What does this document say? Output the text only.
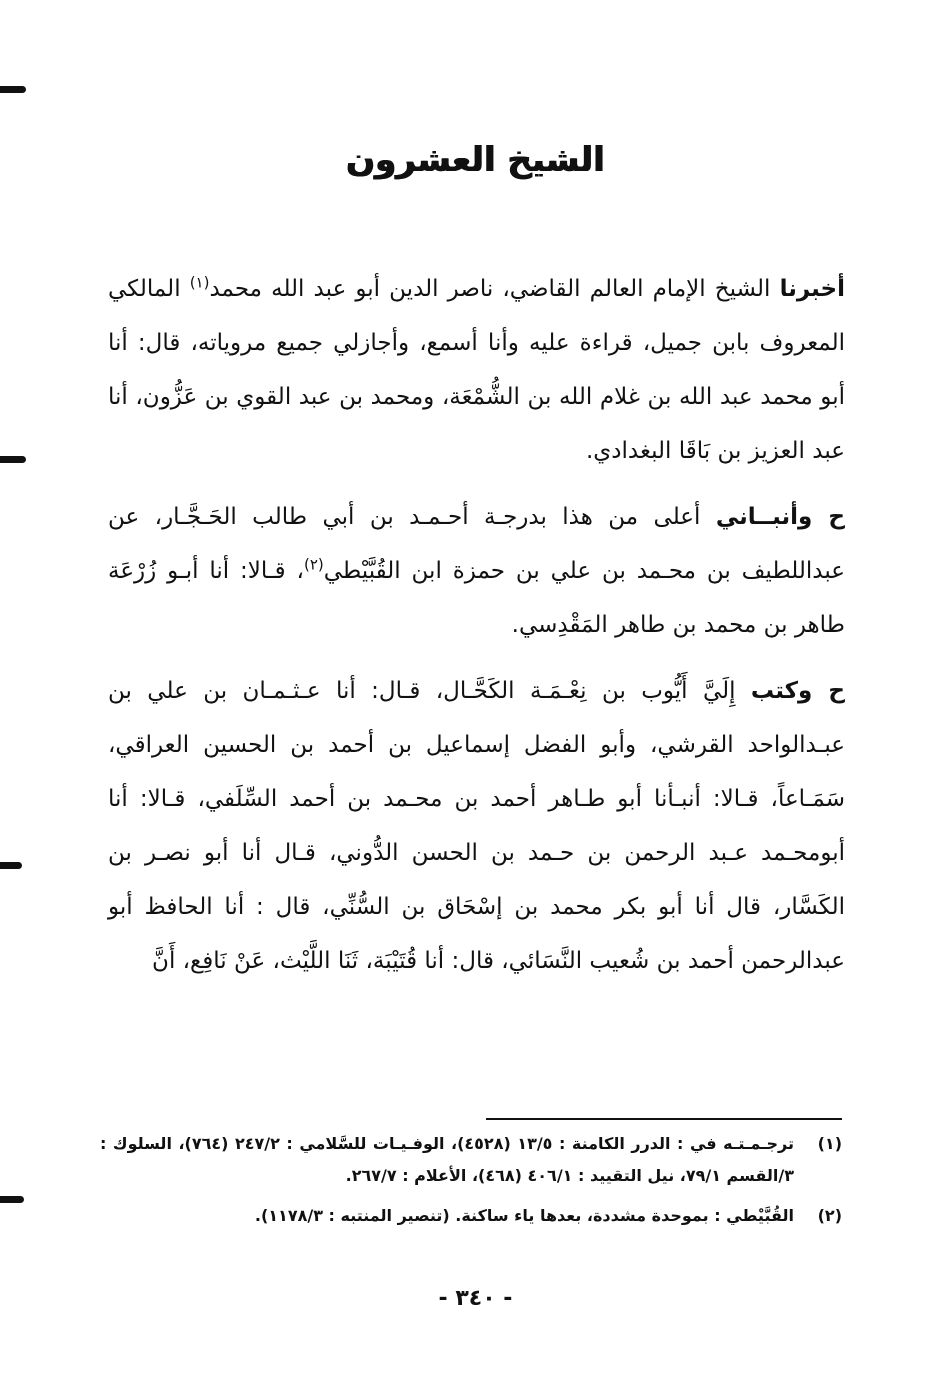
الشيخ العشرون

أخبرنا الشيخ الإمام العالم القاضي، ناصر الدين أبو عبد الله محمد$^{(١)}$ المالكي المعروف بابن جميل، قراءة عليه وأنا أسمع، وأجازلي جميع مروياته، قال: أنا أبو محمد عبد الله بن غلام الله بن الشُّمْعَة، ومحمد بن عبد القوي بن عَزُّون، أنا عبد العزيز بن بَاقَا البغدادي.

ح وأنبــاني أعلى من هذا بدرجـة أحـمـد بن أبي طالب الحَـجَّـار، عن عبداللطيف بن محـمد بن علي بن حمزة ابن القُبَّيْطي$^{(٢)}$، قـالا: أنا أبـو زُرْعَة طاهر بن محمد بن طاهر المَقْدِسي.

ح وكتب إِلَيَّ أَيُّوب بن نِعْـمَـة الكَحَّـال، قـال: أنا عـثـمـان بن علي بن عبـدالواحد القرشي، وأبو الفضل إسماعيل بن أحمد بن الحسين العراقي، سَمَـاعاً، قـالا: أنبـأنا أبو طـاهر أحمد بن محـمد بن أحمد السِّلَفي، قـالا: أنا أبومحـمد عـبد الرحمن بن حـمد بن الحسن الدُّوني، قـال أنا أبو نصـر بن الكَسَّار، قال أنا أبو بكر محمد بن إسْحَاق بن السُّنِّي، قال : أنا الحافظ أبو عبدالرحمن أحمد بن شُعيب النَّسَائي، قال: أنا قُتَيْبَة، ثَنَا اللَّيْث، عَنْ نَافِع، أَنَّ

(١)
ترجـمـتـه في : الدرر الكامنة : ١٣/٥ (٤٥٢٨)، الوفـيـات للسَّلامي : ٢٤٧/٢ (٧٦٤)، السلوك : ٣/القسم ٧٩/١، نيل التقييد : ٤٠٦/١ (٤٦٨)، الأعلام : ٢٦٧/٧.
(٢)
القُبَّيْطي : بموحدة مشددة، بعدها ياء ساكنة. (تنصير المنتبه : ١١٧٨/٣).
- ٣٤٠ -
